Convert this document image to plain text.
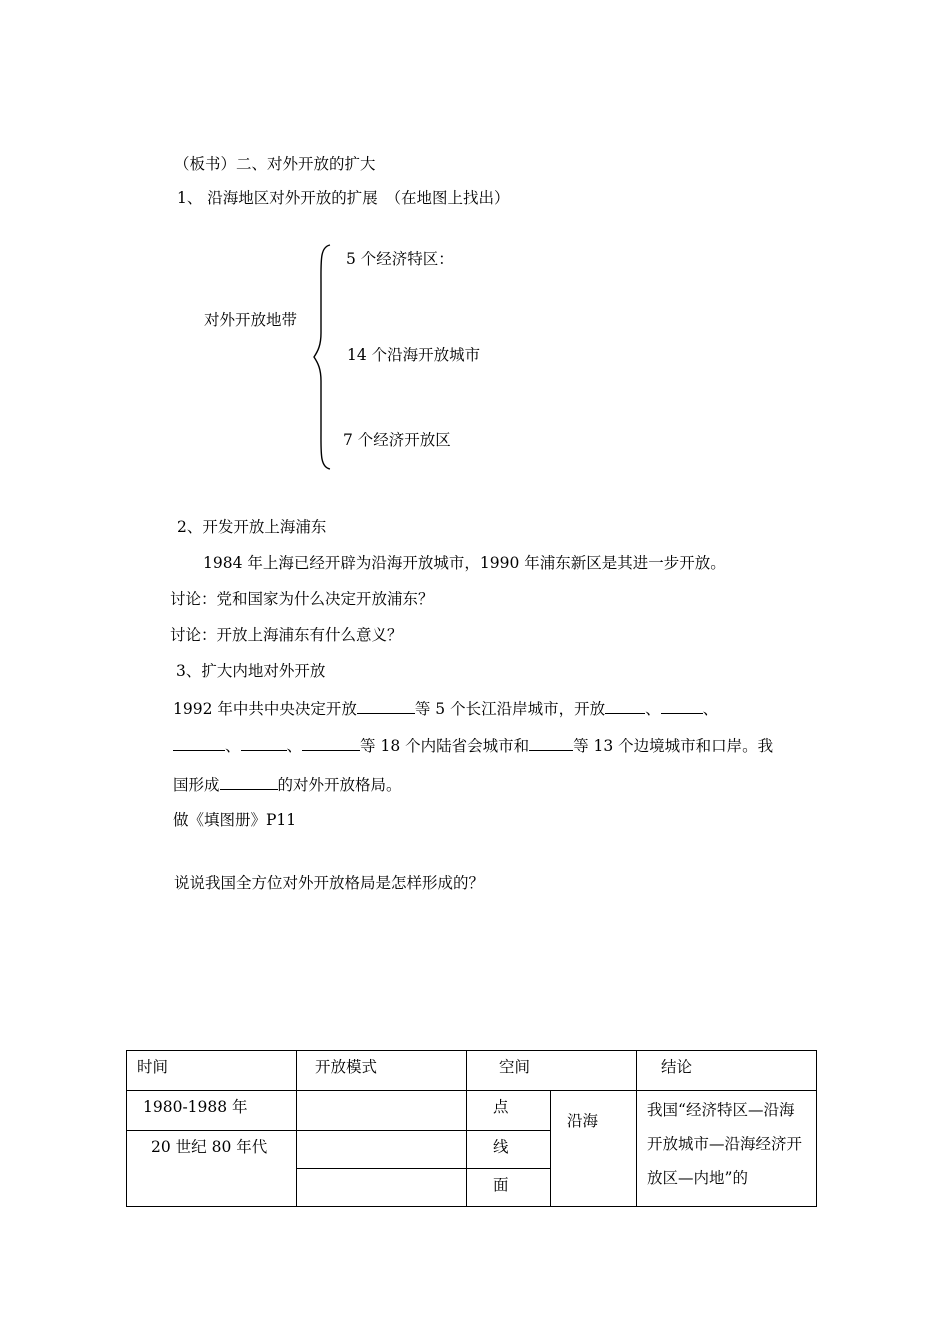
（板书）二、对外开放的扩大
1、 沿海地区对外开放的扩展　（在地图上找出）
对外开放地带
5 个经济特区：
14 个沿海开放城市
7 个经济开放区
2、开发开放上海浦东
1984 年上海已经开辟为沿海开放城市，1990 年浦东新区是其进一步开放。
讨论：党和国家为什么决定开放浦东？
讨论：开放上海浦东有什么意义？
3、扩大内地对外开放
1992 年中共中央决定开放	等 5 个长江沿岸城市，开放	、	、
、	、	等 18 个内陆省会城市和	等 13 个边境城市和口岸。我
国形成	的对外开放格局。
做《填图册》P11
说说我国全方位对外开放格局是怎样形成的？
时间	开放模式	空间		结论
1980-1988 年		点	沿海	我国“经济特区—沿海开放城市—沿海经济开放区—内地”的
20 世纪 80 年代		线		
		面		
